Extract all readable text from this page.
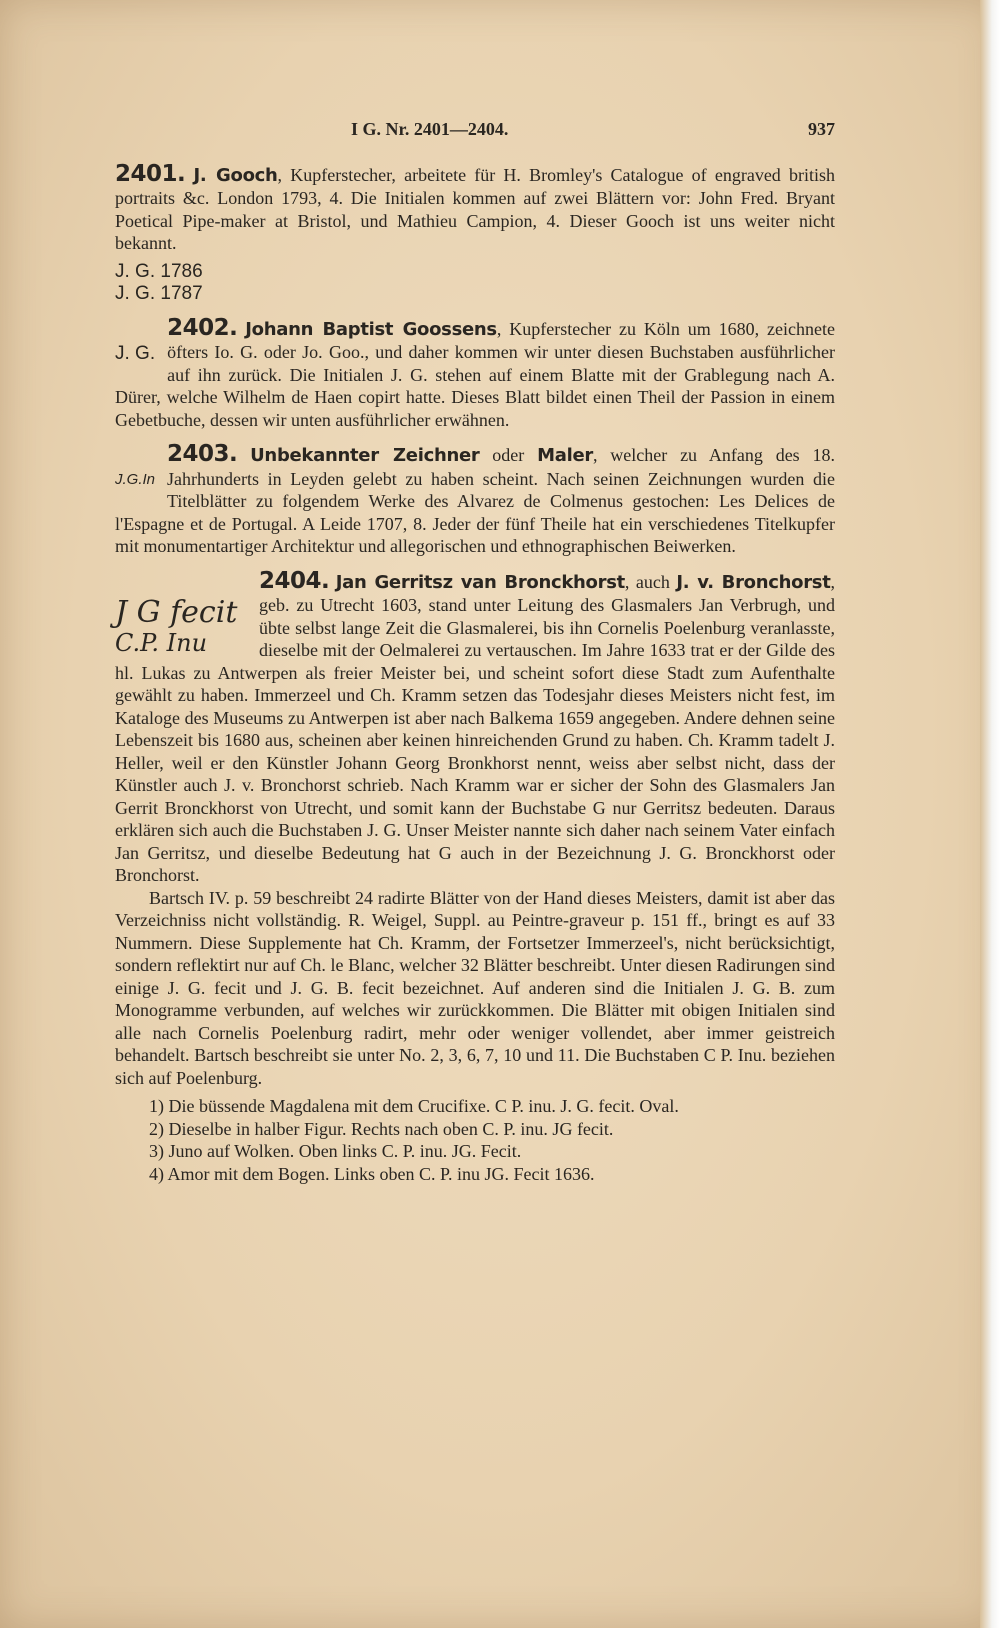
I G. Nr. 2401—2404.	937

2401. J. Gooch, Kupferstecher, arbeitete für H. Bromley's Catalogue of engraved british portraits &c. London 1793, 4. Die Initialen kommen auf zwei Blättern vor: John Fred. Bryant Poetical Pipe-maker at Bristol, und Mathieu Campion, 4. Dieser Gooch ist uns weiter nicht bekannt.

J. G. 1786
J. G. 1787

J. G.

2402. Johann Baptist Goossens, Kupferstecher zu Köln um 1680, zeichnete öfters Io. G. oder Jo. Goo., und daher kommen wir unter diesen Buchstaben ausführlicher auf ihn zurück. Die Initialen J. G. stehen auf einem Blatte mit der Grablegung nach A. Dürer, welche Wilhelm de Haen copirt hatte. Dieses Blatt bildet einen Theil der Passion in einem Gebetbuche, dessen wir unten ausführlicher erwähnen.

J.G.In

2403. Unbekannter Zeichner oder Maler, welcher zu Anfang des 18. Jahrhunderts in Leyden gelebt zu haben scheint. Nach seinen Zeichnungen wurden die Titelblätter zu folgendem Werke des Alvarez de Colmenus gestochen: Les Delices de l'Espagne et de Portugal. A Leide 1707, 8. Jeder der fünf Theile hat ein verschiedenes Titelkupfer mit monumentartiger Architektur und allegorischen und ethnographischen Beiwerken.

J G fecit
C.P. Inu

2404. Jan Gerritsz van Bronckhorst, auch J. v. Bronchorst, geb. zu Utrecht 1603, stand unter Leitung des Glasmalers Jan Verbrugh, und übte selbst lange Zeit die Glasmalerei, bis ihn Cornelis Poelenburg veranlasste, dieselbe mit der Oelmalerei zu vertauschen. Im Jahre 1633 trat er der Gilde des hl. Lukas zu Antwerpen als freier Meister bei, und scheint sofort diese Stadt zum Aufenthalte gewählt zu haben. Immerzeel und Ch. Kramm setzen das Todesjahr dieses Meisters nicht fest, im Kataloge des Museums zu Antwerpen ist aber nach Balkema 1659 angegeben. Andere dehnen seine Lebenszeit bis 1680 aus, scheinen aber keinen hinreichenden Grund zu haben. Ch. Kramm tadelt J. Heller, weil er den Künstler Johann Georg Bronkhorst nennt, weiss aber selbst nicht, dass der Künstler auch J. v. Bronchorst schrieb. Nach Kramm war er sicher der Sohn des Glasmalers Jan Gerrit Bronckhorst von Utrecht, und somit kann der Buchstabe G nur Gerritsz bedeuten. Daraus erklären sich auch die Buchstaben J. G. Unser Meister nannte sich daher nach seinem Vater einfach Jan Gerritsz, und dieselbe Bedeutung hat G auch in der Bezeichnung J. G. Bronckhorst oder Bronchorst.

Bartsch IV. p. 59 beschreibt 24 radirte Blätter von der Hand dieses Meisters, damit ist aber das Verzeichniss nicht vollständig. R. Weigel, Suppl. au Peintre-graveur p. 151 ff., bringt es auf 33 Nummern. Diese Supplemente hat Ch. Kramm, der Fortsetzer Immerzeel's, nicht berücksichtigt, sondern reflektirt nur auf Ch. le Blanc, welcher 32 Blätter beschreibt. Unter diesen Radirungen sind einige J. G. fecit und J. G. B. fecit bezeichnet. Auf anderen sind die Initialen J. G. B. zum Monogramme verbunden, auf welches wir zurückkommen. Die Blätter mit obigen Initialen sind alle nach Cornelis Poelenburg radirt, mehr oder weniger vollendet, aber immer geistreich behandelt. Bartsch beschreibt sie unter No. 2, 3, 6, 7, 10 und 11. Die Buchstaben C P. Inu. beziehen sich auf Poelenburg.

1) Die büssende Magdalena mit dem Crucifixe. C P. inu. J. G. fecit. Oval.

2) Dieselbe in halber Figur. Rechts nach oben C. P. inu. JG fecit.

3) Juno auf Wolken. Oben links C. P. inu. JG. Fecit.

4) Amor mit dem Bogen. Links oben C. P. inu JG. Fecit 1636.
